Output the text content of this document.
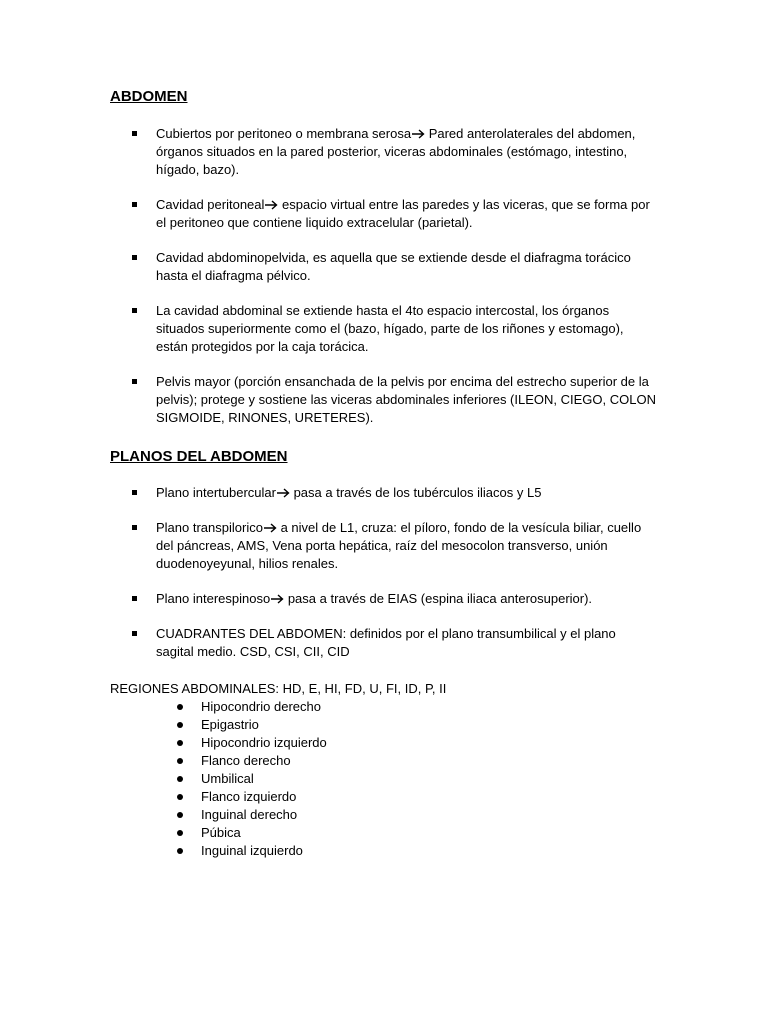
ABDOMEN
Cubiertos por peritoneo o membrana serosa Pared anterolaterales del abdomen, órganos situados en la pared posterior, viceras abdominales (estómago, intestino, hígado, bazo).
Cavidad peritoneal espacio virtual entre las paredes y las viceras, que se forma por el peritoneo que contiene liquido extracelular (parietal).
Cavidad abdominopelvida, es aquella que se extiende desde el diafragma torácico hasta el diafragma pélvico.
La cavidad abdominal se extiende hasta el 4to espacio intercostal, los órganos situados superiormente como el (bazo, hígado, parte de los riñones y estomago), están protegidos por la caja torácica.
Pelvis mayor (porción ensanchada de la pelvis por encima del estrecho superior de la pelvis); protege y sostiene las viceras abdominales inferiores (ILEON, CIEGO, COLON SIGMOIDE, RINONES, URETERES).
PLANOS DEL ABDOMEN
Plano intertubercular pasa a través de los tubérculos iliacos y L5
Plano transpilorico a nivel de L1, cruza: el píloro, fondo de la vesícula biliar, cuello del páncreas, AMS, Vena porta hepática, raíz del mesocolon transverso, unión duodenoyeyunal, hilios renales.
Plano interespinoso pasa a través de EIAS (espina iliaca anterosuperior).
CUADRANTES DEL ABDOMEN: definidos por el plano transumbilical y el plano sagital medio. CSD, CSI, CII, CID

REGIONES ABDOMINALES: HD, E, HI, FD, U, FI, ID, P, II

Hipocondrio derecho
Epigastrio
Hipocondrio izquierdo
Flanco derecho
Umbilical
Flanco izquierdo
Inguinal derecho
Púbica
Inguinal izquierdo
